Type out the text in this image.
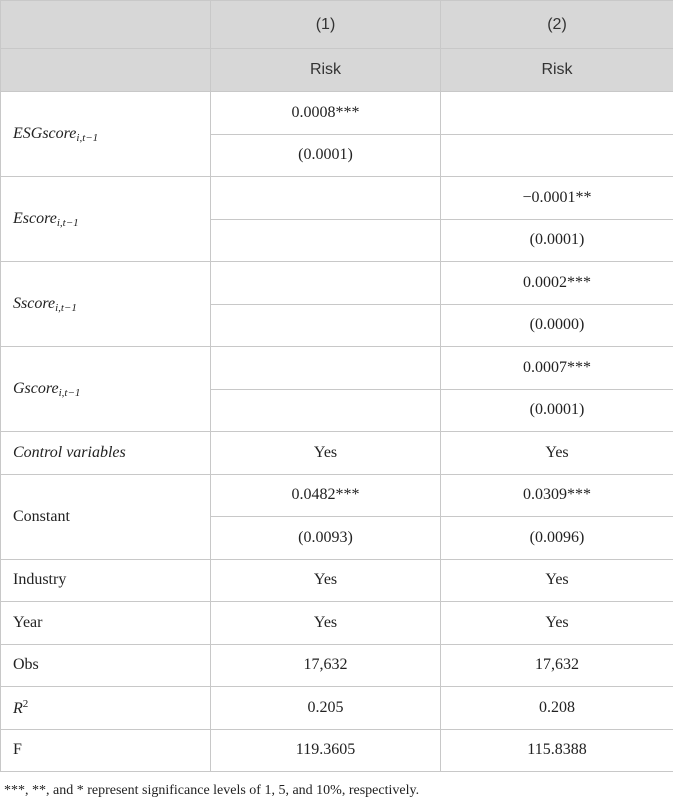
	(1)	(2)
	Risk	Risk
ESGscore$_{i,t-1}$	0.0008***	
	(0.0001)	
Escore$_{i,t-1}$		−0.0001**
		(0.0001)
Sscore$_{i,t-1}$		0.0002***
		(0.0000)
Gscore$_{i,t-1}$		0.0007***
		(0.0001)
Control variables	Yes	Yes
Constant	0.0482***	0.0309***
	(0.0093)	(0.0096)
Industry	Yes	Yes
Year	Yes	Yes
Obs	17,632	17,632
$R^2$	0.205	0.208
F	119.3605	115.8388
***, **, and * represent significance levels of 1, 5, and 10%, respectively.
